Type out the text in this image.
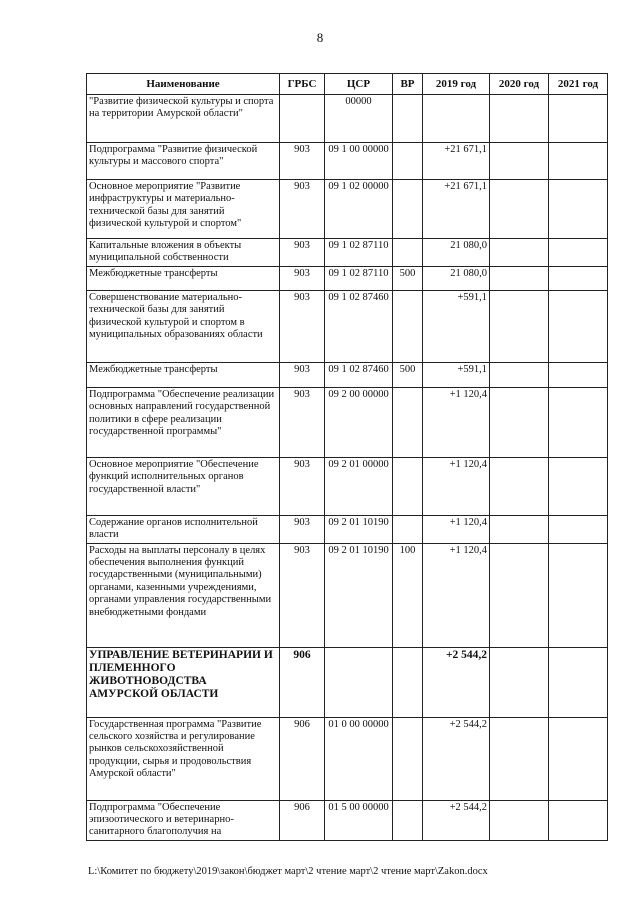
8
Наименование	ГРБС	ЦСР	ВР	2019 год	2020 год	2021 год
"Развитие физической культуры и спорта на территории Амурской области"		00000				
Подпрограмма "Развитие физической культуры и массового спорта"	903	09 1 00 00000		+21 671,1		
Основное мероприятие "Развитие инфраструктуры и материально-технической базы для занятий физической культурой и спортом"	903	09 1 02 00000		+21 671,1		
Капитальные вложения в объекты муниципальной собственности	903	09 1 02 87110		21 080,0		
Межбюджетные трансферты	903	09 1 02 87110	500	21 080,0		
Совершенствование материально-технической базы для занятий физической культурой и спортом в муниципальных образованиях области	903	09 1 02 87460		+591,1		
Межбюджетные трансферты	903	09 1 02 87460	500	+591,1		
Подпрограмма "Обеспечение реализации основных направлений государственной политики в сфере реализации государственной программы"	903	09 2 00 00000		+1 120,4		
Основное мероприятие "Обеспечение функций исполнительных органов государственной власти"	903	09 2 01 00000		+1 120,4		
Содержание органов исполнительной власти	903	09 2 01 10190		+1 120,4		
Расходы на выплаты персоналу в целях обеспечения выполнения функций государственными (муниципальными) органами, казенными учреждениями, органами управления государственными внебюджетными фондами	903	09 2 01 10190	100	+1 120,4		
УПРАВЛЕНИЕ ВЕТЕРИНАРИИ И ПЛЕМЕННОГО ЖИВОТНОВОДСТВА АМУРСКОЙ ОБЛАСТИ	906			+2 544,2		
Государственная программа "Развитие сельского хозяйства и регулирование рынков сельскохозяйственной продукции, сырья и продовольствия Амурской области"	906	01 0 00 00000		+2 544,2		
Подпрограмма "Обеспечение эпизоотического и ветеринарно-санитарного благополучия на	906	01 5 00 00000		+2 544,2		
L:\Комитет по бюджету\2019\закон\бюджет март\2 чтение март\2 чтение март\Zakon.docx
